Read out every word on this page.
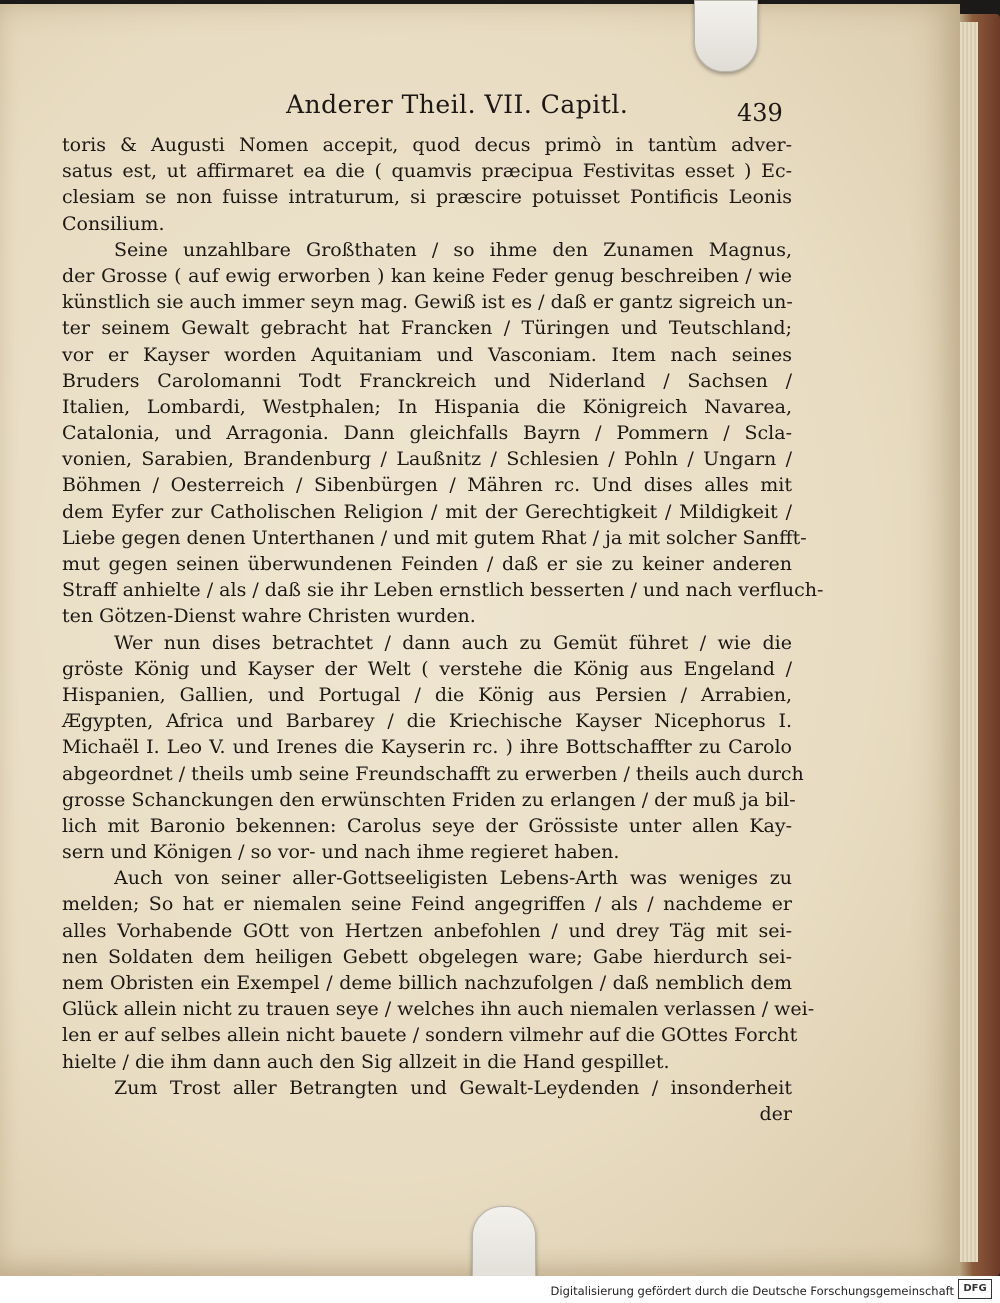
Anderer Theil. VII. Capitl.	439
toris & Augusti Nomen accepit, quod decus primò in tantùm adver-
satus est, ut affirmaret ea die ( quamvis præcipua Festivitas esset ) Ec-
clesiam se non fuisse intraturum, si præscire potuisset Pontificis Leonis
Consilium.
Seine unzahlbare Großthaten / so ihme den Zunamen Magnus,
der Grosse ( auf ewig erworben ) kan keine Feder genug beschreiben / wie
künstlich sie auch immer seyn mag. Gewiß ist es / daß er gantz sigreich un-
ter seinem Gewalt gebracht hat Francken / Türingen und Teutschland;
vor er Kayser worden Aquitaniam und Vasconiam. Item nach seines
Bruders Carolomanni Todt Franckreich und Niderland / Sachsen /
Italien, Lombardi, Westphalen; In Hispania die Königreich Navarea,
Catalonia, und Arragonia. Dann gleichfalls Bayrn / Pommern / Sclа-
vonien, Sarabien, Brandenburg / Laußnitz / Schlesien / Pohln / Ungarn /
Böhmen / Oesterreich / Sibenbürgen / Mähren rc. Und dises alles mit
dem Eyfer zur Catholischen Religion / mit der Gerechtigkeit / Mildigkeit /
Liebe gegen denen Unterthanen / und mit gutem Rhat / ja mit solcher Sanfft-
mut gegen seinen überwundenen Feinden / daß er sie zu keiner anderen
Straff anhielte / als / daß sie ihr Leben ernstlich besserten / und nach verfluch-
ten Götzen-Dienst wahre Christen wurden.
Wer nun dises betrachtet / dann auch zu Gemüt führet / wie die
gröste König und Kayser der Welt ( verstehe die König aus Engeland /
Hispanien, Gallien, und Portugal / die König aus Persien / Arrabien,
Ægypten, Africa und Barbarey / die Kriechische Kayser Nicephorus I.
Michaël I. Leo V. und Irenes die Kayserin rc. ) ihre Bottschaffter zu Carolo
abgeordnet / theils umb seine Freundschafft zu erwerben / theils auch durch
grosse Schanckungen den erwünschten Friden zu erlangen / der muß ja bil-
lich mit Baronio bekennen: Carolus seye der Grössiste unter allen Kay-
sern und Königen / so vor- und nach ihme regieret haben.
Auch von seiner aller-Gottseeligisten Lebens-Arth was weniges zu
melden; So hat er niemalen seine Feind angegriffen / als / nachdeme er
alles Vorhabende GOtt von Hertzen anbefohlen / und drey Täg mit sei-
nen Soldaten dem heiligen Gebett obgelegen ware; Gabe hierdurch sei-
nem Obristen ein Exempel / deme billich nachzufolgen / daß nemblich dem
Glück allein nicht zu trauen seye / welches ihn auch niemalen verlassen / wei-
len er auf selbes allein nicht bauete / sondern vilmehr auf die GOttes Forcht
hielte / die ihm dann auch den Sig allzeit in die Hand gespillet.
Zum Trost aller Betrangten und Gewalt-Leydenden / insonderheit
der
Digitalisierung gefördert durch die Deutsche Forschungsgemeinschaft DFG
